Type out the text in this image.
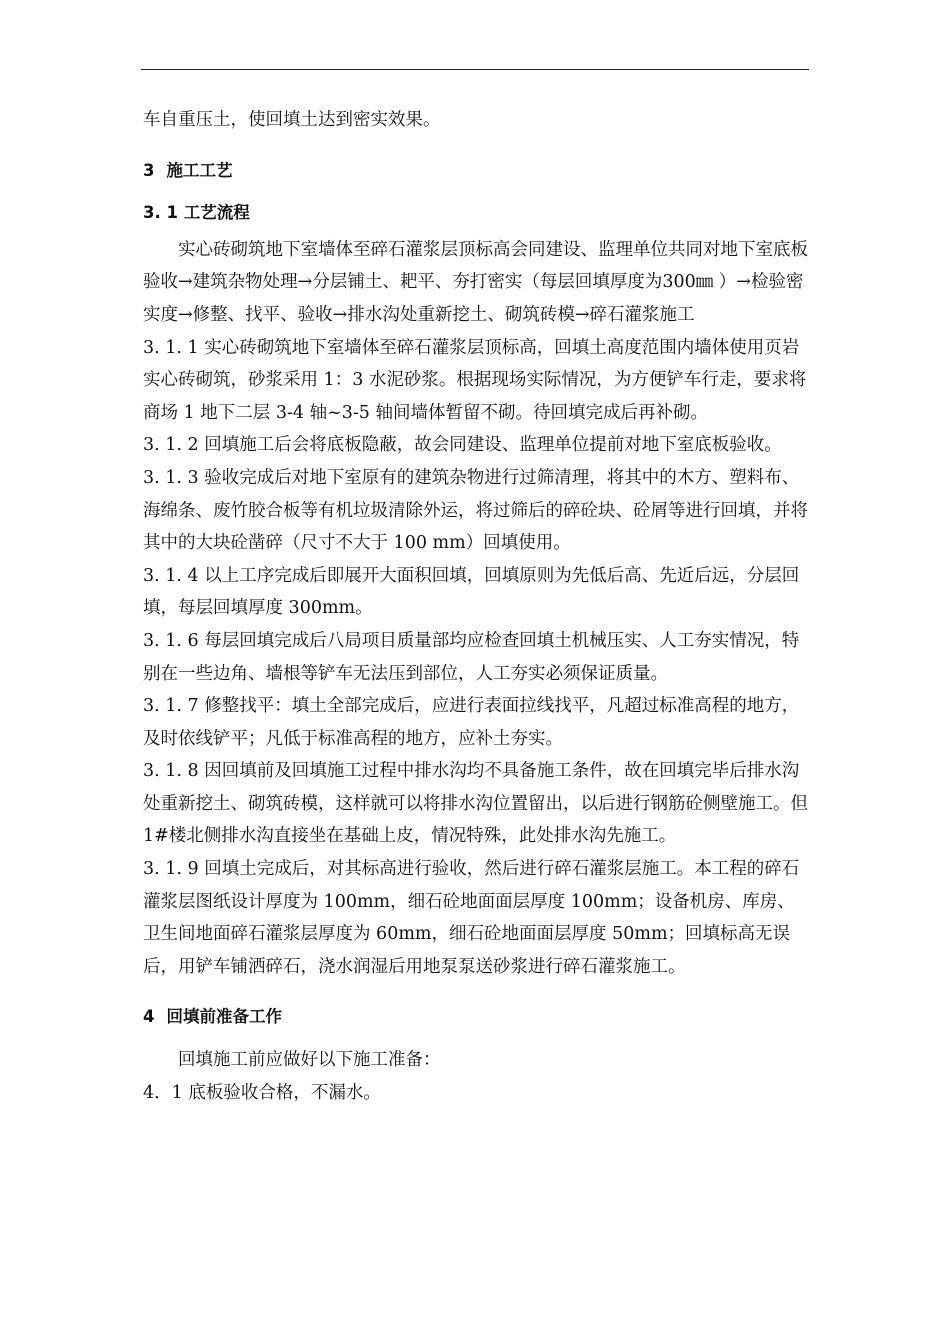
车自重压土，使回填土达到密实效果。

3 施工工艺

3. 1 工艺流程

实心砖砌筑地下室墙体至碎石灌浆层顶标高会同建设、监理单位共同对地下室底板验收→建筑杂物处理→分层铺土、耙平、夯打密实（每层回填厚度为300㎜ ）→检验密实度→修整、找平、验收→排水沟处重新挖土、砌筑砖模→碎石灌浆施工

3. 1. 1 实心砖砌筑地下室墙体至碎石灌浆层顶标高，回填土高度范围内墙体使用页岩实心砖砌筑，砂浆采用 1：3 水泥砂浆。根据现场实际情况，为方便铲车行走，要求将商场 1 地下二层 3-4 轴~3-5 轴间墙体暂留不砌。待回填完成后再补砌。

3. 1. 2 回填施工后会将底板隐蔽，故会同建设、监理单位提前对地下室底板验收。

3. 1. 3 验收完成后对地下室原有的建筑杂物进行过筛清理，将其中的木方、塑料布、海绵条、废竹胶合板等有机垃圾清除外运，将过筛后的碎砼块、砼屑等进行回填，并将其中的大块砼凿碎（尺寸不大于 100 mm）回填使用。

3. 1. 4 以上工序完成后即展开大面积回填，回填原则为先低后高、先近后远，分层回填，每层回填厚度 300mm。

3. 1. 6 每层回填完成后八局项目质量部均应检查回填土机械压实、人工夯实情况，特别在一些边角、墙根等铲车无法压到部位，人工夯实必须保证质量。

3. 1. 7 修整找平：填土全部完成后，应进行表面拉线找平，凡超过标准高程的地方，及时依线铲平；凡低于标准高程的地方，应补土夯实。

3. 1. 8 因回填前及回填施工过程中排水沟均不具备施工条件，故在回填完毕后排水沟处重新挖土、砌筑砖模，这样就可以将排水沟位置留出，以后进行钢筋砼侧壁施工。但 1#楼北侧排水沟直接坐在基础上皮，情况特殊，此处排水沟先施工。

3. 1. 9 回填土完成后，对其标高进行验收，然后进行碎石灌浆层施工。本工程的碎石灌浆层图纸设计厚度为 100mm，细石砼地面面层厚度 100mm；设备机房、库房、卫生间地面碎石灌浆层厚度为 60mm，细石砼地面面层厚度 50mm；回填标高无误后，用铲车铺洒碎石，浇水润湿后用地泵泵送砂浆进行碎石灌浆施工。

4 回填前准备工作

回填施工前应做好以下施工准备：

4．1 底板验收合格，不漏水。
